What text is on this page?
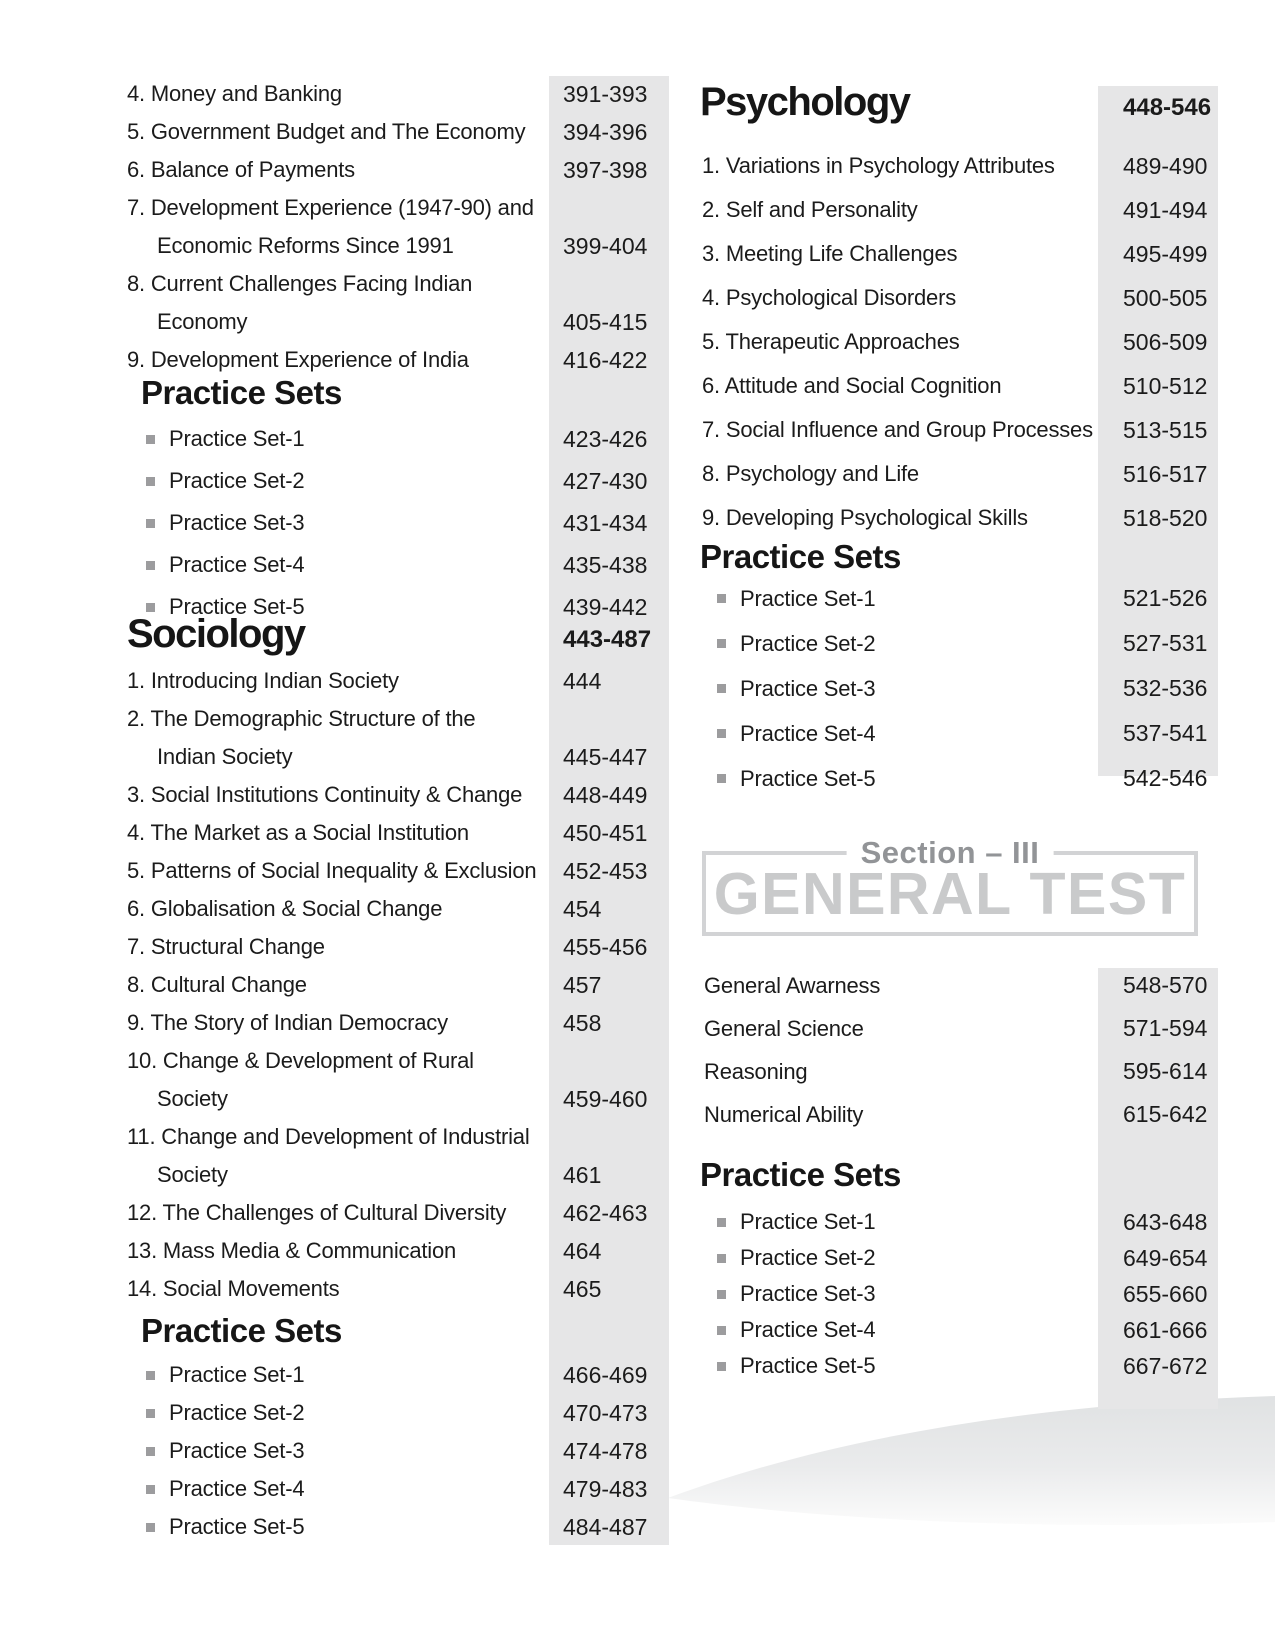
4. Money and Banking	391-393
5. Government Budget and The Economy	394-396
6. Balance of Payments	397-398
7. Development Experience (1947-90) and
Economic Reforms Since 1991	399-404
8. Current Challenges Facing Indian
Economy	405-415
9. Development Experience of India	416-422
Practice Sets
Practice Set-1	423-426
Practice Set-2	427-430
Practice Set-3	431-434
Practice Set-4	435-438
Practice Set-5	439-442
Sociology	443-487
1. Introducing Indian Society	444
2. The Demographic Structure of the
Indian Society	445-447
3. Social Institutions Continuity & Change	448-449
4. The Market as a Social Institution	450-451
5. Patterns of Social Inequality & Exclusion	452-453
6. Globalisation & Social Change	454
7. Structural Change	455-456
8. Cultural Change	457
9. The Story of Indian Democracy	458
10. Change & Development of Rural
Society	459-460
11. Change and Development of Industrial
Society	461
12. The Challenges of Cultural Diversity	462-463
13. Mass Media & Communication	464
14. Social Movements	465
Practice Sets
Practice Set-1	466-469
Practice Set-2	470-473
Practice Set-3	474-478
Practice Set-4	479-483
Practice Set-5	484-487
Psychology	448-546
1. Variations in Psychology Attributes	489-490
2. Self and Personality	491-494
3. Meeting Life Challenges	495-499
4. Psychological Disorders	500-505
5. Therapeutic Approaches	506-509
6. Attitude and Social Cognition	510-512
7. Social Influence and Group Processes	513-515
8. Psychology and Life	516-517
9. Developing Psychological Skills	518-520
Practice Sets
Practice Set-1	521-526
Practice Set-2	527-531
Practice Set-3	532-536
Practice Set-4	537-541
Practice Set-5	542-546
Section – III
GENERAL TEST
General Awarness	548-570
General Science	571-594
Reasoning	595-614
Numerical Ability	615-642
Practice Sets
Practice Set-1	643-648
Practice Set-2	649-654
Practice Set-3	655-660
Practice Set-4	661-666
Practice Set-5	667-672
